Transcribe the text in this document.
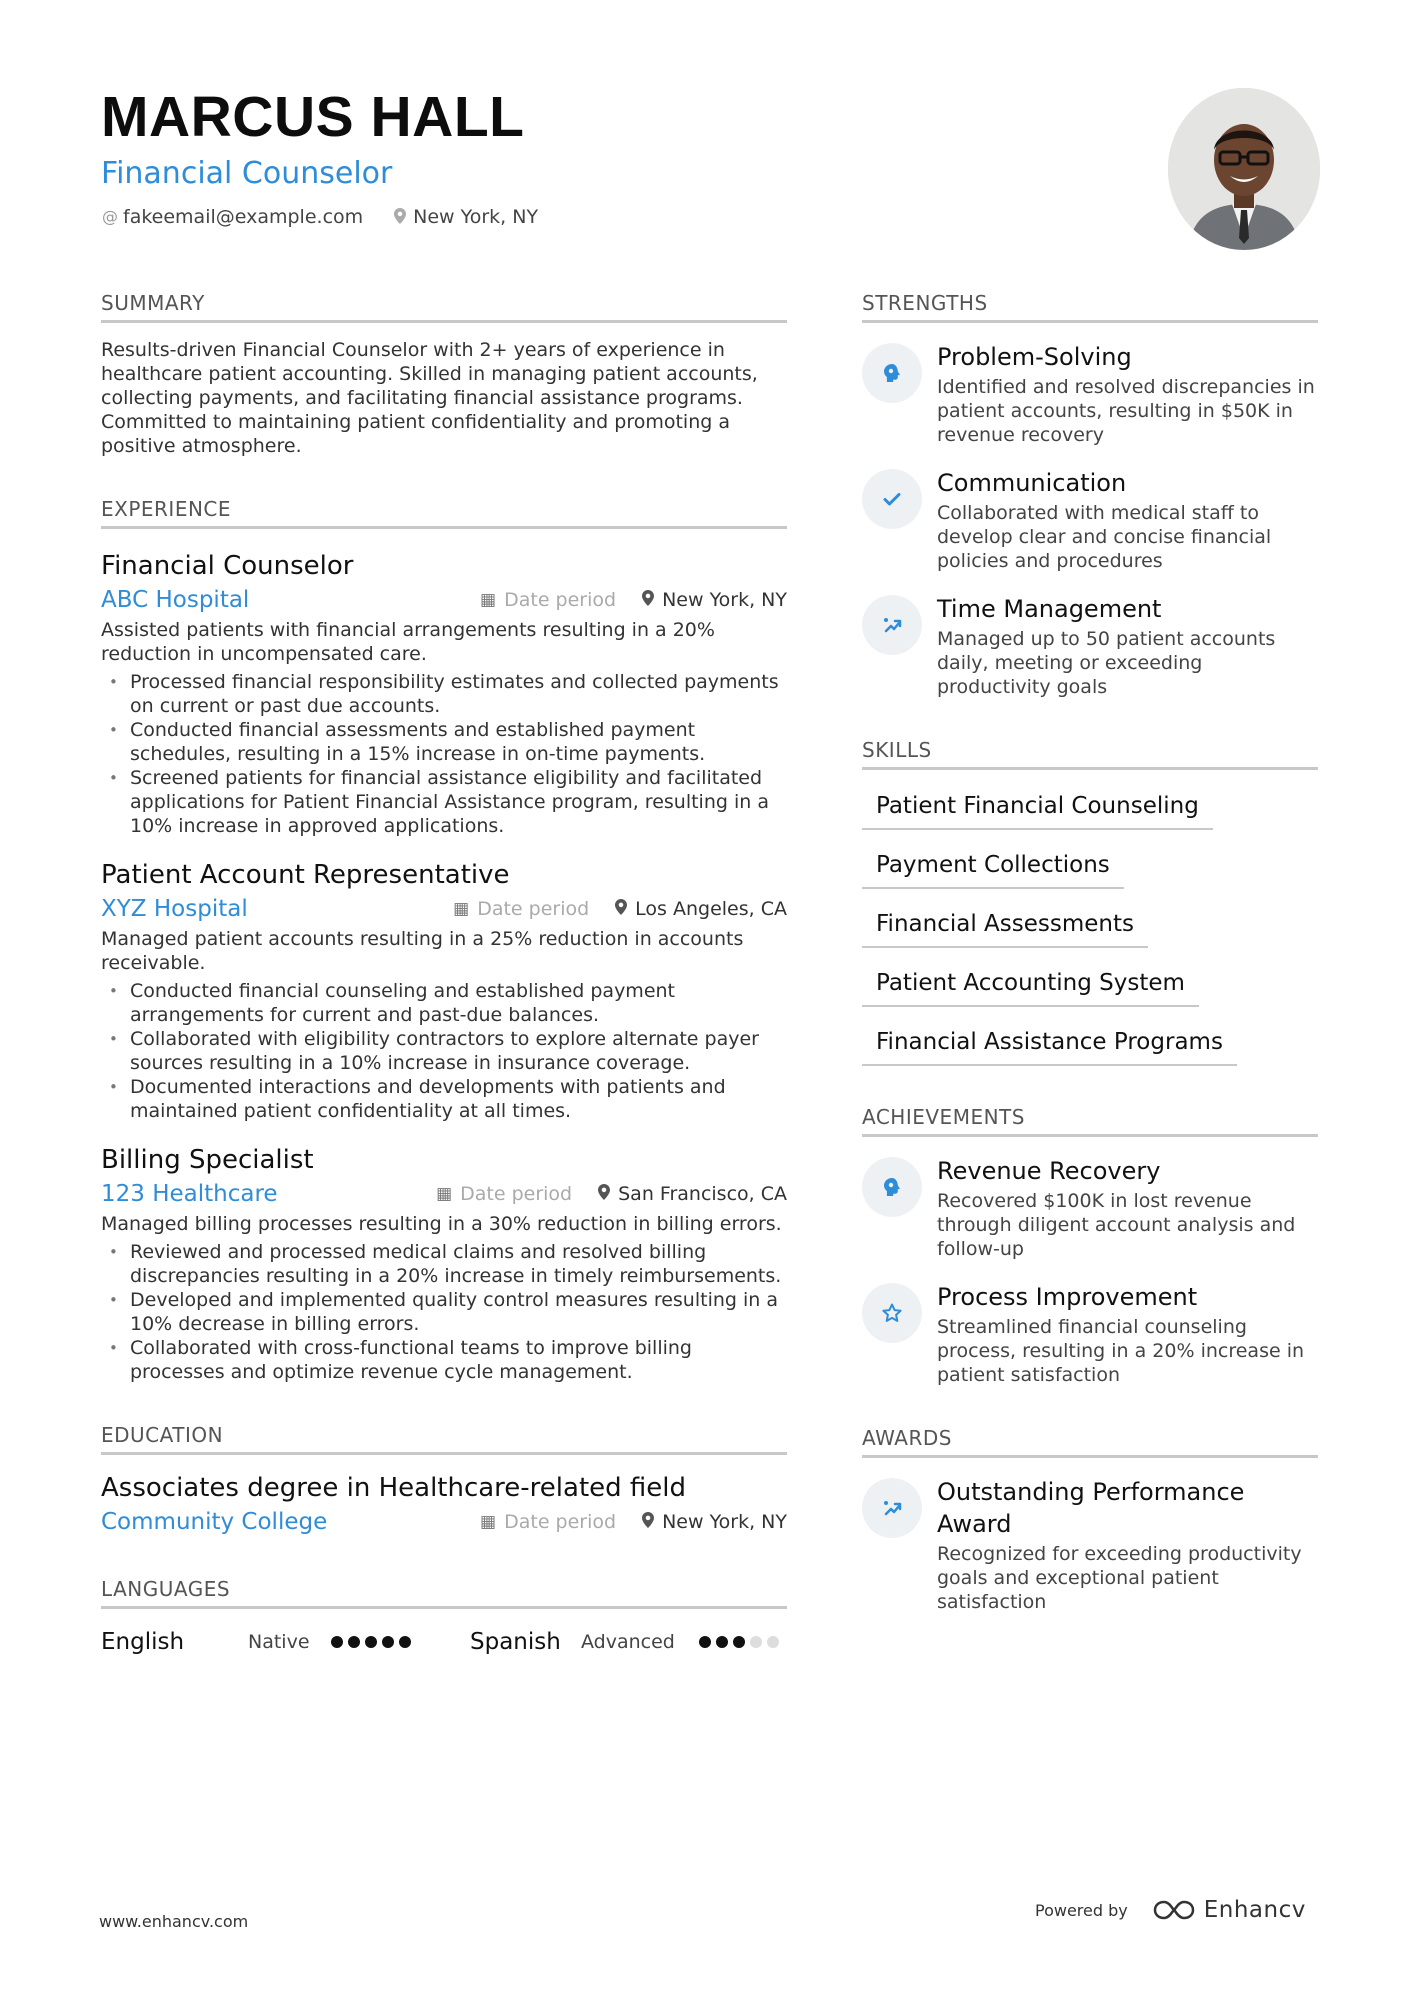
MARCUS HALL
Financial Counselor
@ fakeemail@example.com	New York, NY
SUMMARY
Results-driven Financial Counselor with 2+ years of experience in healthcare patient accounting. Skilled in managing patient accounts, collecting payments, and facilitating financial assistance programs. Committed to maintaining patient confidentiality and promoting a positive atmosphere.
EXPERIENCE
Financial Counselor
ABC Hospital	▦ Date period New York, NY
Assisted patients with financial arrangements resulting in a 20% reduction in uncompensated care.
• Processed financial responsibility estimates and collected payments on current or past due accounts.
• Conducted financial assessments and established payment schedules, resulting in a 15% increase in on-time payments.
• Screened patients for financial assistance eligibility and facilitated applications for Patient Financial Assistance program, resulting in a 10% increase in approved applications.
Patient Account Representative
XYZ Hospital	▦ Date period Los Angeles, CA
Managed patient accounts resulting in a 25% reduction in accounts receivable.
• Conducted financial counseling and established payment arrangements for current and past-due balances.
• Collaborated with eligibility contractors to explore alternate payer sources resulting in a 10% increase in insurance coverage.
• Documented interactions and developments with patients and maintained patient confidentiality at all times.
Billing Specialist
123 Healthcare	▦ Date period San Francisco, CA
Managed billing processes resulting in a 30% reduction in billing errors.
• Reviewed and processed medical claims and resolved billing discrepancies resulting in a 20% increase in timely reimbursements.
• Developed and implemented quality control measures resulting in a 10% decrease in billing errors.
• Collaborated with cross-functional teams to improve billing processes and optimize revenue cycle management.
EDUCATION
Associates degree in Healthcare-related field
Community College	▦ Date period New York, NY
LANGUAGES
English	Native	Spanish	Advanced
STRENGTHS
Problem-Solving
Identified and resolved discrepancies in patient accounts, resulting in $50K in revenue recovery
Communication
Collaborated with medical staff to develop clear and concise financial policies and procedures
Time Management
Managed up to 50 patient accounts daily, meeting or exceeding productivity goals
SKILLS
Patient Financial Counseling
Payment Collections
Financial Assessments
Patient Accounting System
Financial Assistance Programs
ACHIEVEMENTS
Revenue Recovery
Recovered $100K in lost revenue through diligent account analysis and follow-up
Process Improvement
Streamlined financial counseling process, resulting in a 20% increase in patient satisfaction
AWARDS
Outstanding Performance Award
Recognized for exceeding productivity goals and exceptional patient satisfaction
www.enhancv.com
Powered by	Enhancv
